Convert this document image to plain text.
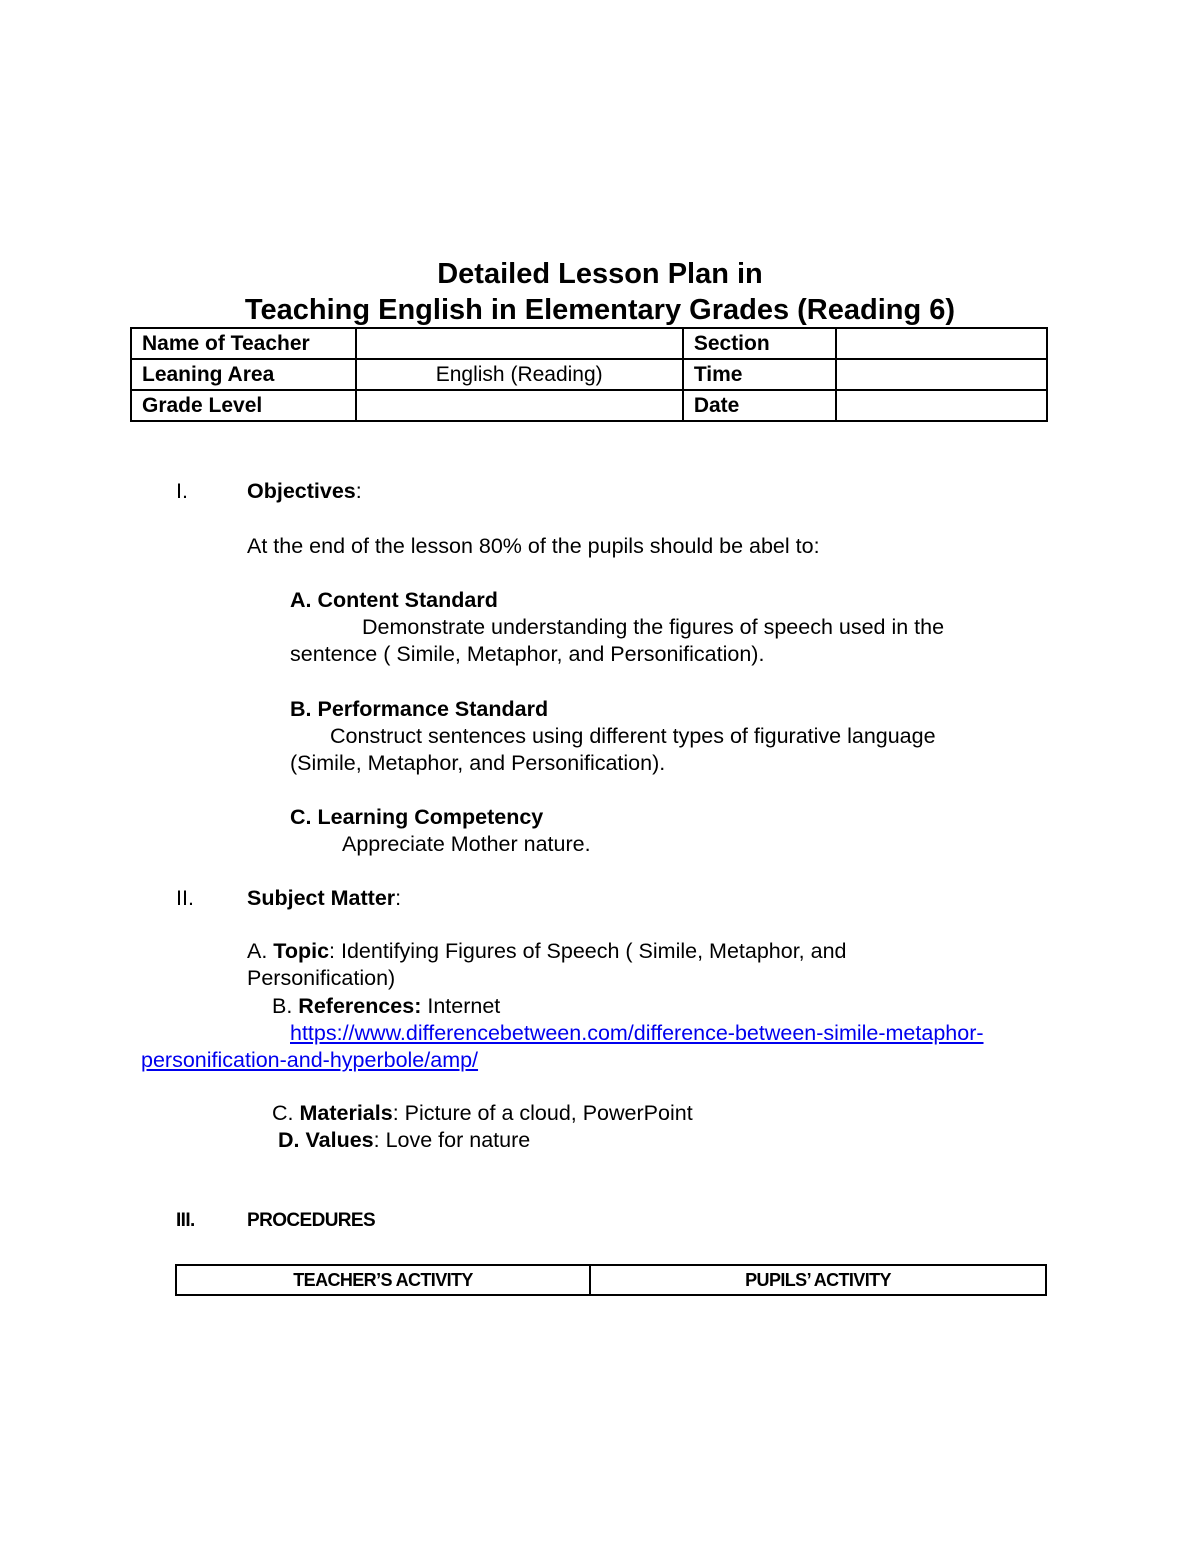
Detailed Lesson Plan in
Teaching English in Elementary Grades (Reading 6)
Name of Teacher		Section	
Leaning Area	English (Reading)	Time	
Grade Level		Date	
I.	Objectives:
At the end of the lesson 80% of the pupils should be abel to:
A. Content Standard
Demonstrate understanding the figures of speech used in the
sentence ( Simile, Metaphor, and Personification).
B. Performance Standard
Construct sentences using different types of figurative language
(Simile, Metaphor, and Personification).
C. Learning Competency
Appreciate Mother nature.
II. Subject Matter:
A. Topic: Identifying Figures of Speech ( Simile, Metaphor, and
Personification)
B. References: Internet
https://www.differencebetween.com/difference-between-simile-metaphor-
personification-and-hyperbole/amp/
C. Materials: Picture of a cloud, PowerPoint
D. Values: Love for nature
III.	PROCEDURES
TEACHER’S ACTIVITY	PUPILS’ ACTIVITY
